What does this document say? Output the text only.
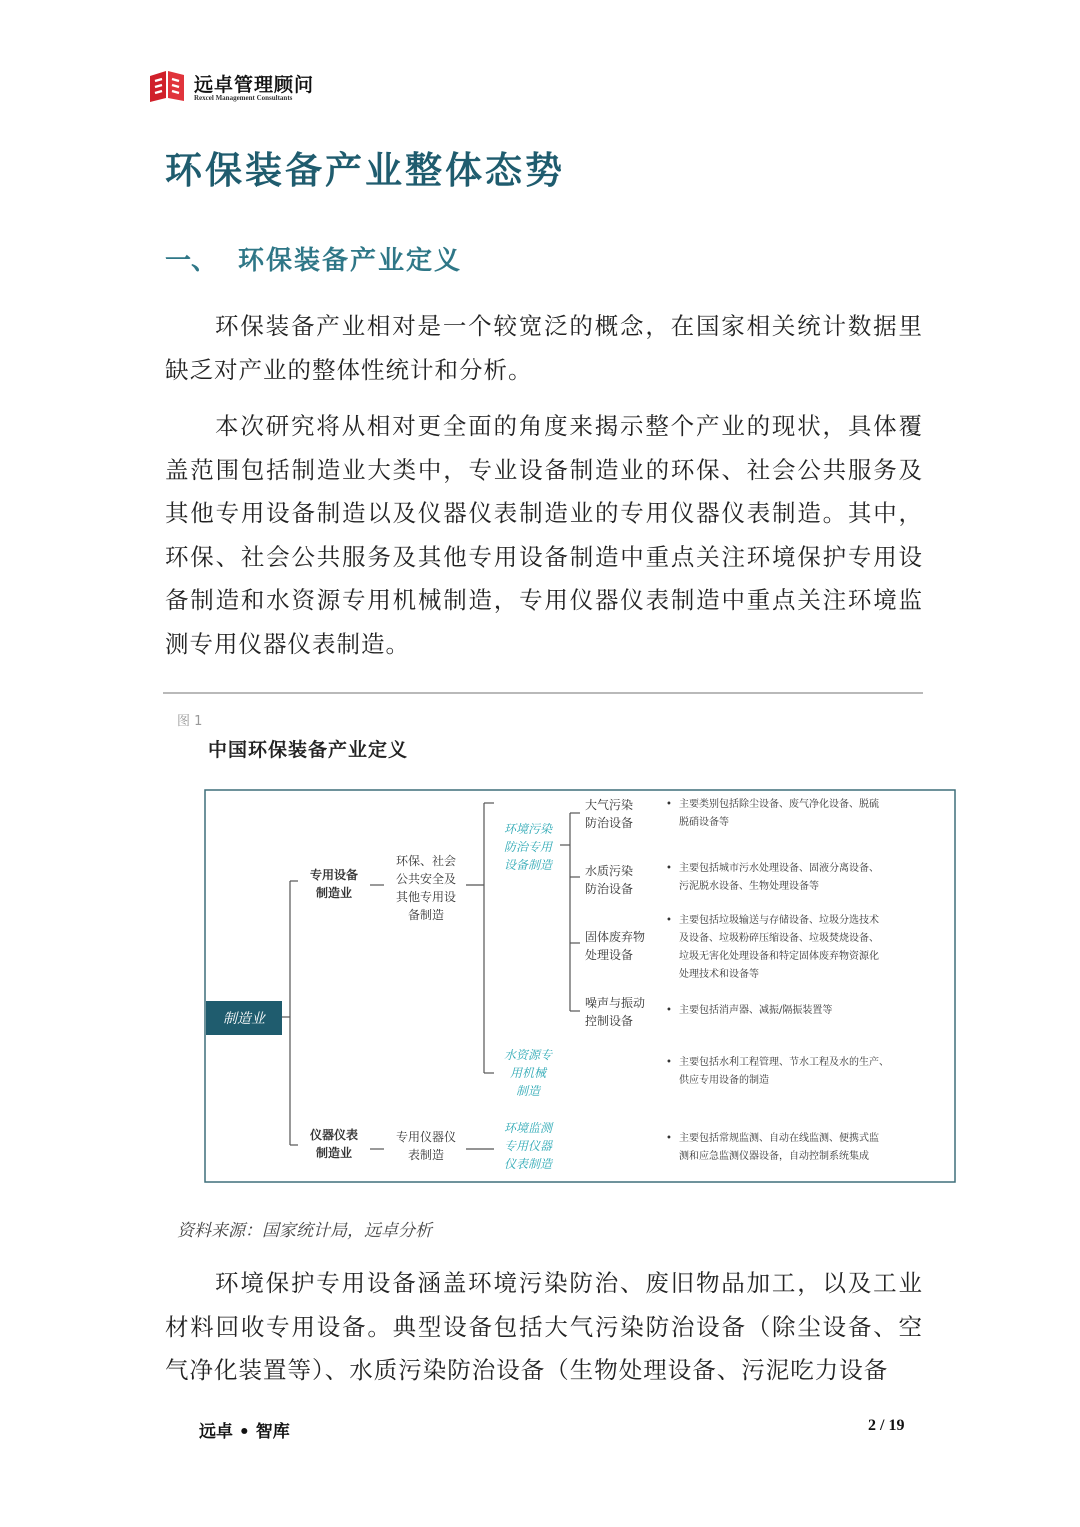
远卓管理顾问
Rexcel Management Consultants
环保装备产业整体态势
一、 环保装备产业定义
环保装备产业相对是一个较宽泛的概念，在国家相关统计数据里缺乏对产业的整体性统计和分析。
本次研究将从相对更全面的角度来揭示整个产业的现状，具体覆盖范围包括制造业大类中，专业设备制造业的环保、社会公共服务及其他专用设备制造以及仪器仪表制造业的专用仪器仪表制造。其中，环保、社会公共服务及其他专用设备制造中重点关注环境保护专用设备制造和水资源专用机械制造，专用仪器仪表制造中重点关注环境监测专用仪器仪表制造。
图 1
中国环保装备产业定义
制造业
专用设备
制造业
仪器仪表
制造业
环保、社会
公共安全及
其他专用设
备制造
专用仪器仪
表制造
环境污染
防治专用
设备制造
水资源专
用机械
制造
环境监测
专用仪器
仪表制造
大气污染
防治设备
水质污染
防治设备
固体废弃物
处理设备
噪声与振动
控制设备
• 主要类别包括除尘设备、废气净化设备、脱硫
脱硝设备等
• 主要包括城市污水处理设备、固液分离设备、
污泥脱水设备、生物处理设备等
• 主要包括垃圾输送与存储设备、垃圾分选技术
及设备、垃圾粉碎压缩设备、垃圾焚烧设备、
垃圾无害化处理设备和特定固体废弃物资源化
处理技术和设备等
• 主要包括消声器、减振/隔振装置等
• 主要包括水利工程管理、节水工程及水的生产、
供应专用设备的制造
• 主要包括常规监测、自动在线监测、便携式监
测和应急监测仪器设备，自动控制系统集成
资料来源：国家统计局，远卓分析
环境保护专用设备涵盖环境污染防治、废旧物品加工，以及工业材料回收专用设备。典型设备包括大气污染防治设备（除尘设备、空气净化装置等）、水质污染防治设备（生物处理设备、污泥吃力设备
远卓 • 智库	2 / 19
